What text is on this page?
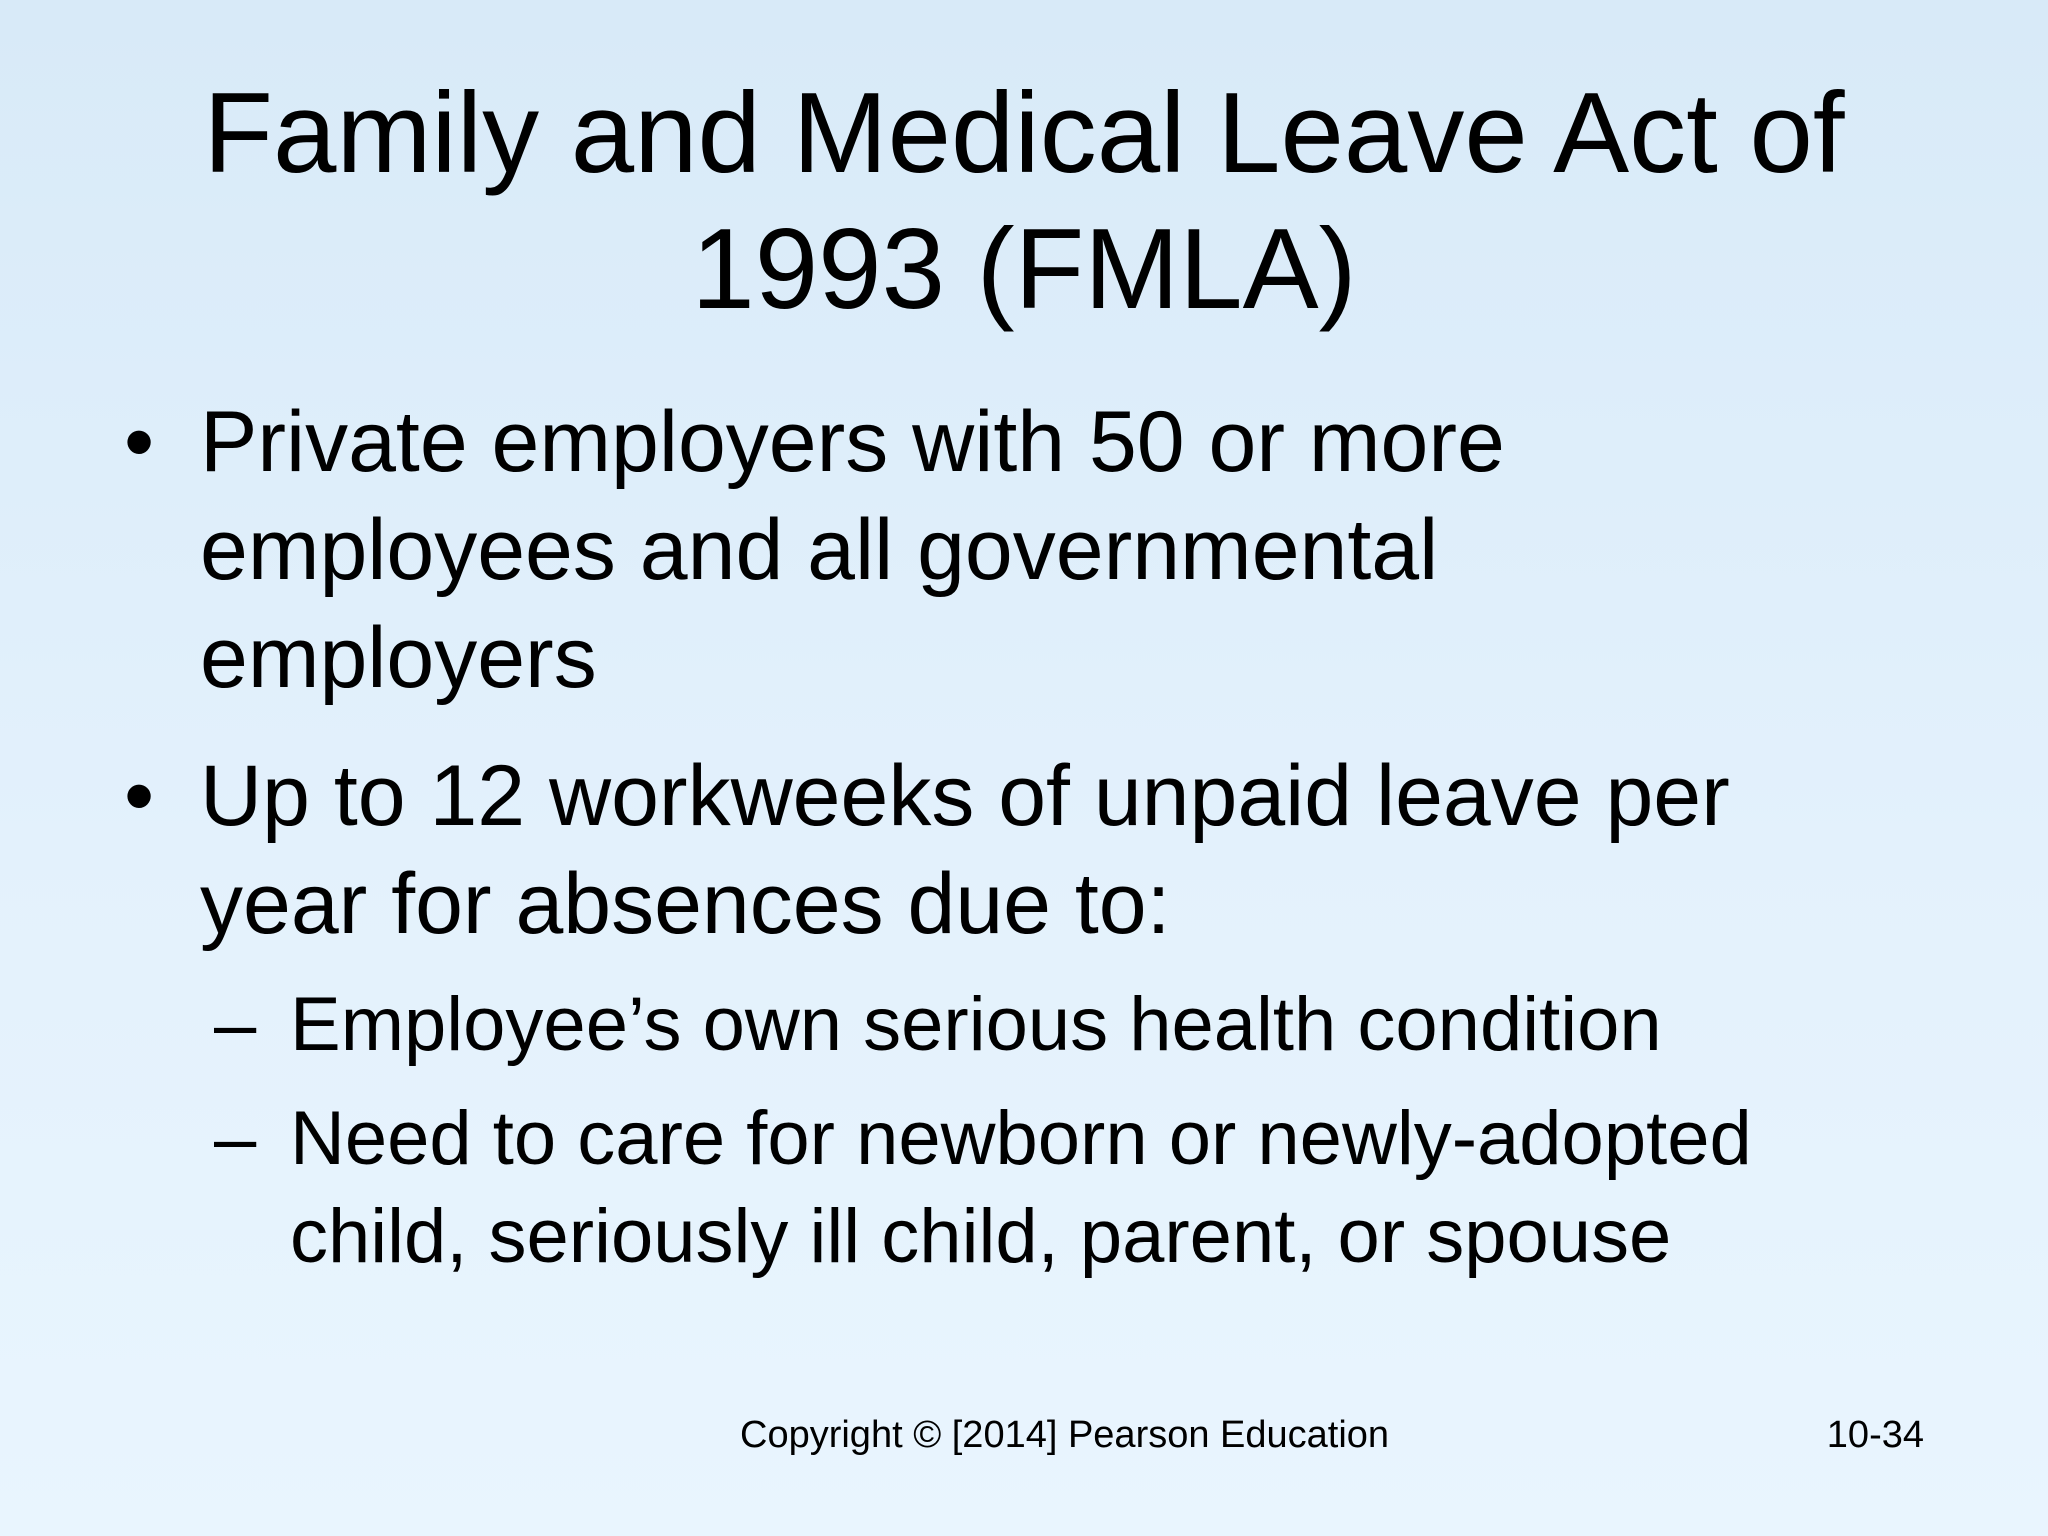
Family and Medical Leave Act of
1993 (FMLA)
• Private employers with 50 or more
employees and all governmental
employers
• Up to 12 workweeks of unpaid leave per
year for absences due to:
– Employee’s own serious health condition
– Need to care for newborn or newly-adopted
child, seriously ill child, parent, or spouse
Copyright © [2014] Pearson Education	10-34
